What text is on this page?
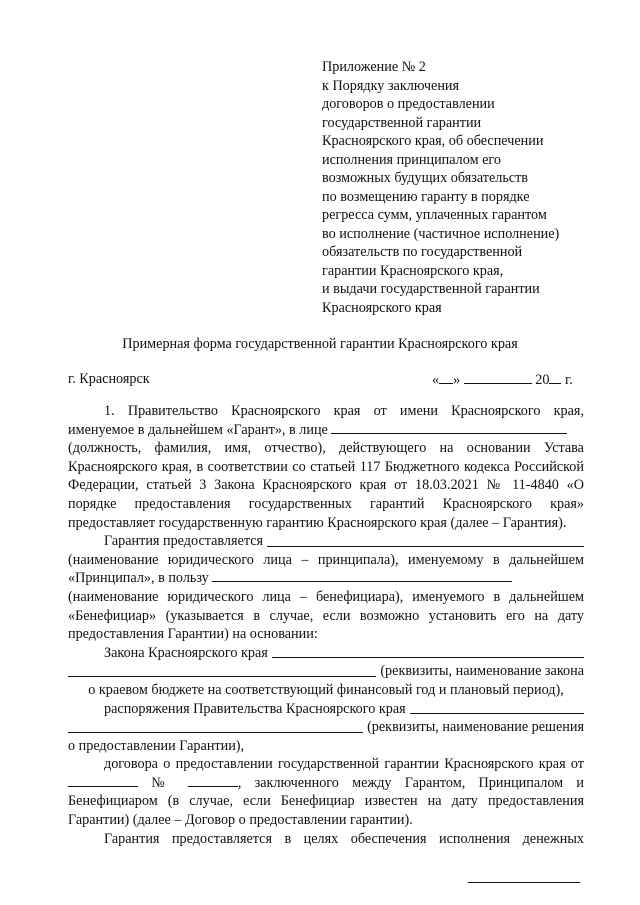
Приложение № 2
к Порядку заключения
договоров о предоставлении
государственной гарантии
Красноярского края, об обеспечении
исполнения принципалом его
возможных будущих обязательств
по возмещению гаранту в порядке
регресса сумм, уплаченных гарантом
во исполнение (частичное исполнение)
обязательств по государственной
гарантии Красноярского края,
и выдачи государственной гарантии
Красноярского края
Примерная форма государственной гарантии Красноярского края
г. Красноярск	« »	20 г.

1. Правительство Красноярского края от имени Красноярского края, именуемое в дальнейшем «Гарант», в лице

(должность, фамилия, имя, отчество), действующего на основании Устава Красноярского края, в соответствии со статьей 117 Бюджетного кодекса Российской Федерации, статьей 3 Закона Красноярского края от 18.03.2021 № 11-4840 «О порядке предоставления государственных гарантий Красноярского края» предоставляет государственную гарантию Красноярского края (далее – Гарантия).

Гарантия предоставляется

(наименование юридического лица – принципала), именуемому в дальнейшем «Принципал», в пользу

(наименование юридического лица – бенефициара), именуемого в дальнейшем «Бенефициар» (указывается в случае, если возможно установить его на дату предоставления Гарантии) на основании:

Закона Красноярского края

(реквизиты, наименование закона

о краевом бюджете на соответствующий финансовый год и плановый период),

распоряжения Правительства Красноярского края

(реквизиты, наименование решения

о предоставлении Гарантии),

договора о предоставлении государственной гарантии Красноярского края от  №	, заключенного между Гарантом, Принципалом и Бенефициаром (в случае, если Бенефициар известен на дату предоставления Гарантии) (далее – Договор о предоставлении гарантии).

Гарантия предоставляется в целях обеспечения исполнения денежных
